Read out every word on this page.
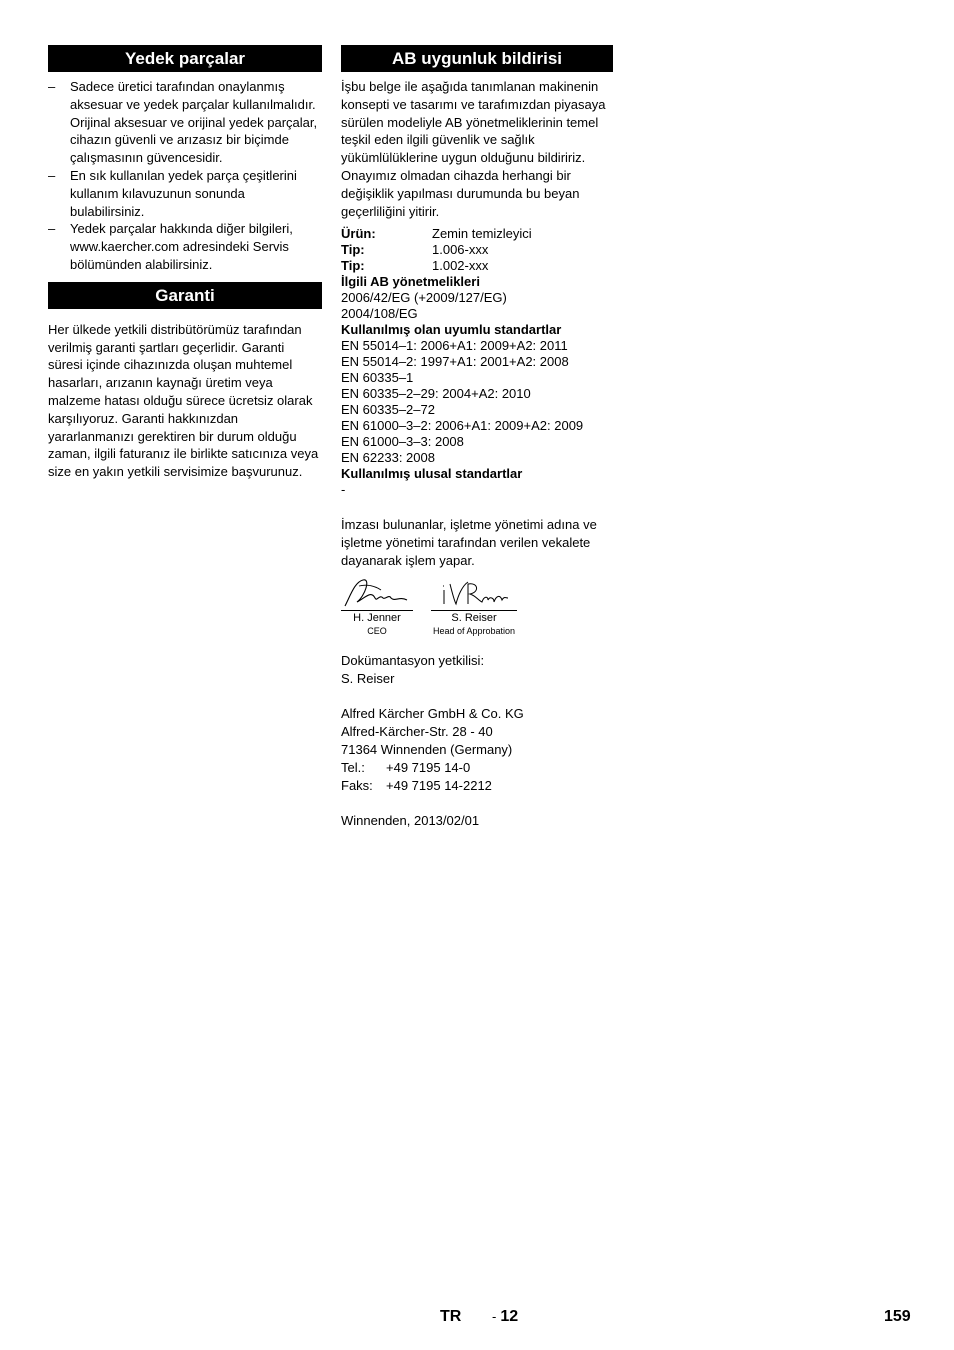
Yedek parçalar
–	Sadece üretici tarafından onaylanmış aksesuar ve yedek parçalar kullanılmalıdır. Orijinal aksesuar ve orijinal yedek parçalar, cihazın güvenli ve arızasız bir biçimde çalışmasının güvencesidir.
–	En sık kullanılan yedek parça çeşitlerini kullanım kılavuzunun sonunda bulabilirsiniz.
–	Yedek parçalar hakkında diğer bilgileri, www.kaercher.com adresindeki Servis bölümünden alabilirsiniz.
Garanti
Her ülkede yetkili distribütörümüz tarafından verilmiş garanti şartları geçerlidir. Garanti süresi içinde cihazınızda oluşan muhtemel hasarları, arızanın kaynağı üretim veya malzeme hatası olduğu sürece ücretsiz olarak karşılıyoruz. Garanti hakkınızdan yararlanmanızı gerektiren bir durum olduğu zaman, ilgili faturanız ile birlikte satıcınıza veya size en yakın yetkili servisimize başvurunuz.
AB uygunluk bildirisi
İşbu belge ile aşağıda tanımlanan makinenin konsepti ve tasarımı ve tarafımızdan piyasaya sürülen modeliyle AB yönetmeliklerinin temel teşkil eden ilgili güvenlik ve sağlık yükümlülüklerine uygun olduğunu bildiririz. Onayımız olmadan cihazda herhangi bir değişiklik yapılması durumunda bu beyan geçerliliğini yitirir.
Ürün:	Zemin temizleyici
Tip:	1.006-xxx
Tip:	1.002-xxx
İlgili AB yönetmelikleri
2006/42/EG (+2009/127/EG)
2004/108/EG
Kullanılmış olan uyumlu standartlar
EN 55014–1: 2006+A1: 2009+A2: 2011
EN 55014–2: 1997+A1: 2001+A2: 2008
EN 60335–1
EN 60335–2–29: 2004+A2: 2010
EN 60335–2–72
EN 61000–3–2: 2006+A1: 2009+A2: 2009
EN 61000–3–3: 2008
EN 62233: 2008
Kullanılmış ulusal standartlar
-
İmzası bulunanlar, işletme yönetimi adına ve işletme yönetimi tarafından verilen vekalete dayanarak işlem yapar.
H. Jenner
CEO
S. Reiser
Head of Approbation
Dokümantasyon yetkilisi:
S. Reiser
Alfred Kärcher GmbH & Co. KG
Alfred-Kärcher-Str. 28 - 40
71364 Winnenden (Germany)
Tel.:	+49 7195 14-0
Faks:	+49 7195 14-2212
Winnenden, 2013/02/01
TR - 12	159
